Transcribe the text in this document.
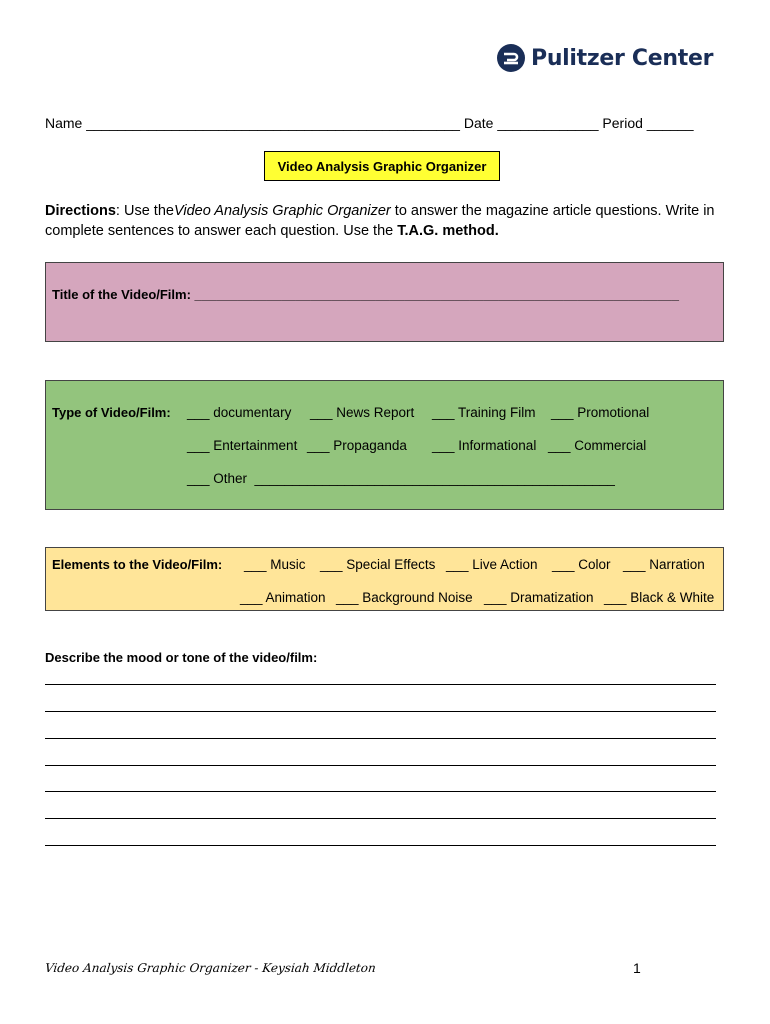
Pulitzer Center
Name ________________________________________________ Date _____________ Period ______
Video Analysis Graphic Organizer
Directions: Use theVideo Analysis Graphic Organizer to answer the magazine article questions. Write in complete sentences to answer each question. Use the T.A.G. method.
Title of the Video/Film: ___________________________________________________________________
Type of Video/Film: ___ documentary ___ News Report ___ Training Film ___ Promotional
___ Entertainment ___ Propaganda ___ Informational ___ Commercial
___ Other  ________________________________________________
Elements to the Video/Film: ___ Music ___ Special Effects ___ Live Action ___ Color ___ Narration
___ Animation ___ Background Noise ___ Dramatization ___ Black & White
Describe the mood or tone of the video/film:
Video Analysis Graphic Organizer - Keysiah Middleton	1
